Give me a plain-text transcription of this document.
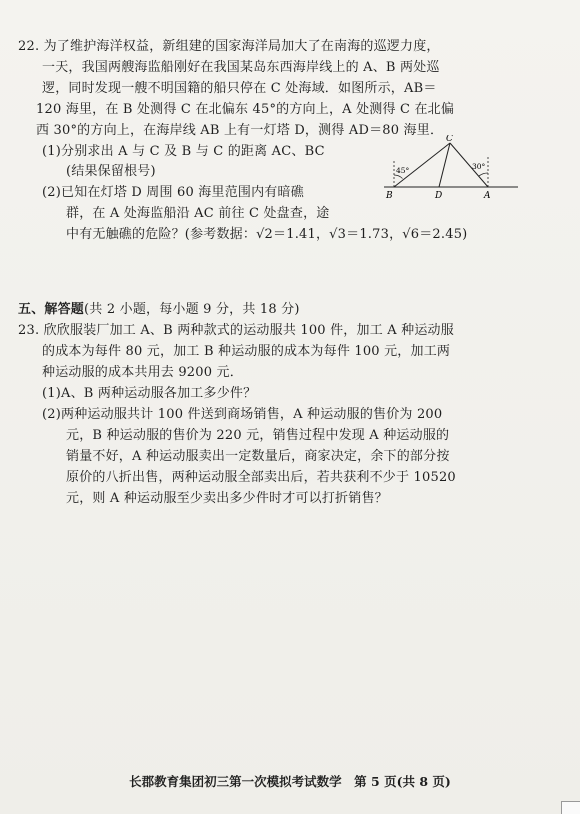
22. 为了维护海洋权益，新组建的国家海洋局加大了在南海的巡逻力度，
一天，我国两艘海监船刚好在我国某岛东西海岸线上的 A、B 两处巡
逻，同时发现一艘不明国籍的船只停在 C 处海域．如图所示，AB＝
120 海里，在 B 处测得 C 在北偏东 45°的方向上，A 处测得 C 在北偏
西 30°的方向上，在海岸线 AB 上有一灯塔 D，测得 AD＝80 海里．
(1)分别求出 A 与 C 及 B 与 C 的距离 AC、BC
(结果保留根号)
(2)已知在灯塔 D 周围 60 海里范围内有暗礁
群，在 A 处海监船沿 AC 前往 C 处盘查，途
中有无触礁的危险？(参考数据：√2＝1.41，√3＝1.73，√6＝2.45)
C
B	D	A
45°	30°
五、解答题(共 2 小题，每小题 9 分，共 18 分)
23. 欣欣服装厂加工 A、B 两种款式的运动服共 100 件，加工 A 种运动服
的成本为每件 80 元，加工 B 种运动服的成本为每件 100 元，加工两
种运动服的成本共用去 9200 元．
(1)A、B 两种运动服各加工多少件？
(2)两种运动服共计 100 件送到商场销售，A 种运动服的售价为 200
元，B 种运动服的售价为 220 元，销售过程中发现 A 种运动服的
销量不好，A 种运动服卖出一定数量后，商家决定，余下的部分按
原价的八折出售，两种运动服全部卖出后，若共获利不少于 10520
元，则 A 种运动服至少卖出多少件时才可以打折销售？
长郡教育集团初三第一次模拟考试数学　第 5 页(共 8 页)
